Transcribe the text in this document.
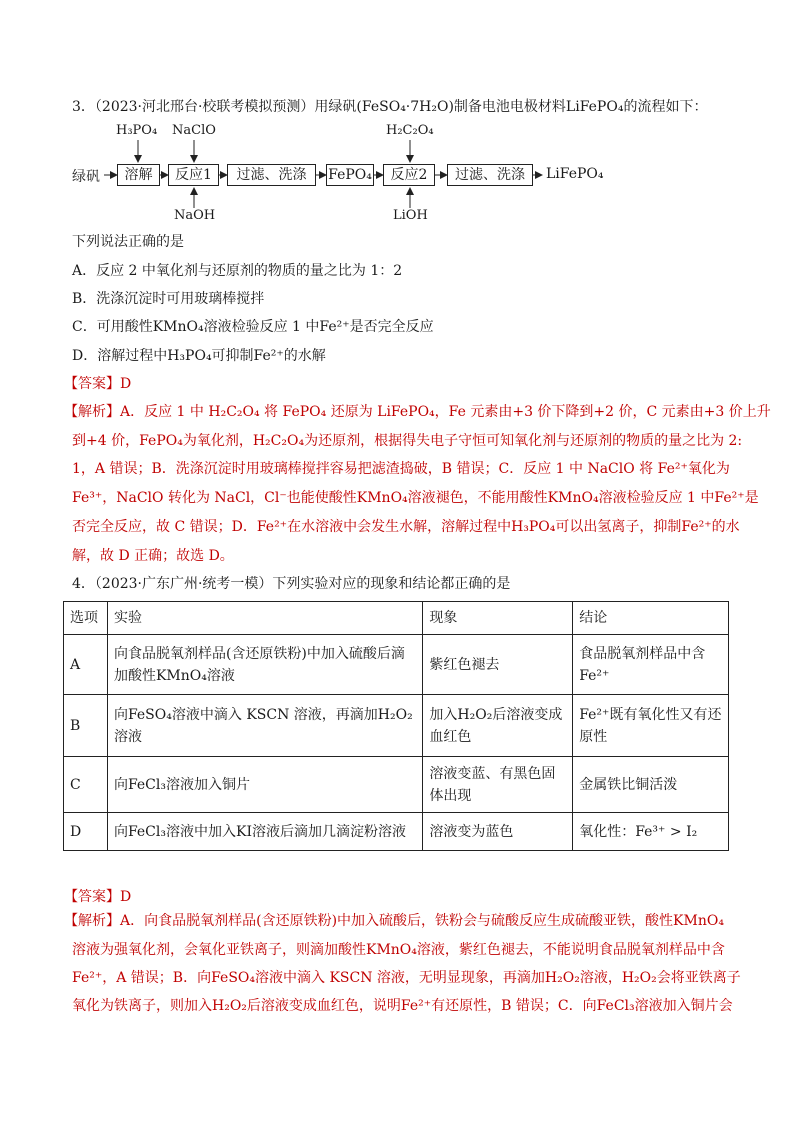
3．（2023·河北邢台·校联考模拟预测）用绿矾(FeSO₄·7H₂O)制备电池电极材料LiFePO₄的流程如下：
绿矾	溶解	反应1	过滤、洗涤	FePO₄	反应2	过滤、洗涤	LiFePO₄
H₃PO₄ NaClO	H₂C₂O₄
NaOH	LiOH
下列说法正确的是
A．反应 2 中氧化剂与还原剂的物质的量之比为 1：2
B．洗涤沉淀时可用玻璃棒搅拌
C．可用酸性KMnO₄溶液检验反应 1 中Fe²⁺是否完全反应
D．溶解过程中H₃PO₄可抑制Fe²⁺的水解
【答案】D
【解析】A．反应 1 中 H₂C₂O₄ 将 FePO₄ 还原为 LiFePO₄，Fe 元素由+3 价下降到+2 价，C 元素由+3 价上升
到+4 价，FePO₄为氧化剂，H₂C₂O₄为还原剂，根据得失电子守恒可知氧化剂与还原剂的物质的量之比为 2:
1，A 错误；B．洗涤沉淀时用玻璃棒搅拌容易把滤渣捣破，B 错误；C．反应 1 中 NaClO 将 Fe²⁺氧化为
Fe³⁺，NaClO 转化为 NaCl，Cl⁻也能使酸性KMnO₄溶液褪色，不能用酸性KMnO₄溶液检验反应 1 中Fe²⁺是
否完全反应，故 C 错误；D．Fe²⁺在水溶液中会发生水解，溶解过程中H₃PO₄可以出氢离子，抑制Fe²⁺的水
解，故 D 正确；故选 D。
4．（2023·广东广州·统考一模）下列实验对应的现象和结论都正确的是
选项	实验	现象	结论
A	向食品脱氧剂样品(含还原铁粉)中加入硫酸后滴加酸性KMnO₄溶液	紫红色褪去	食品脱氧剂样品中含Fe²⁺
B	向FeSO₄溶液中滴入 KSCN 溶液，再滴加H₂O₂溶液	加入H₂O₂后溶液变成血红色	Fe²⁺既有氧化性又有还原性
C	向FeCl₃溶液加入铜片	溶液变蓝、有黑色固体出现	金属铁比铜活泼
D	向FeCl₃溶液中加入KI溶液后滴加几滴淀粉溶液	溶液变为蓝色	氧化性：Fe³⁺ > I₂
【答案】D
【解析】A．向食品脱氧剂样品(含还原铁粉)中加入硫酸后，铁粉会与硫酸反应生成硫酸亚铁，酸性KMnO₄
溶液为强氧化剂，会氧化亚铁离子，则滴加酸性KMnO₄溶液，紫红色褪去，不能说明食品脱氧剂样品中含
Fe²⁺，A 错误；B．向FeSO₄溶液中滴入 KSCN 溶液，无明显现象，再滴加H₂O₂溶液，H₂O₂会将亚铁离子
氧化为铁离子，则加入H₂O₂后溶液变成血红色，说明Fe²⁺有还原性，B 错误；C．向FeCl₃溶液加入铜片会
